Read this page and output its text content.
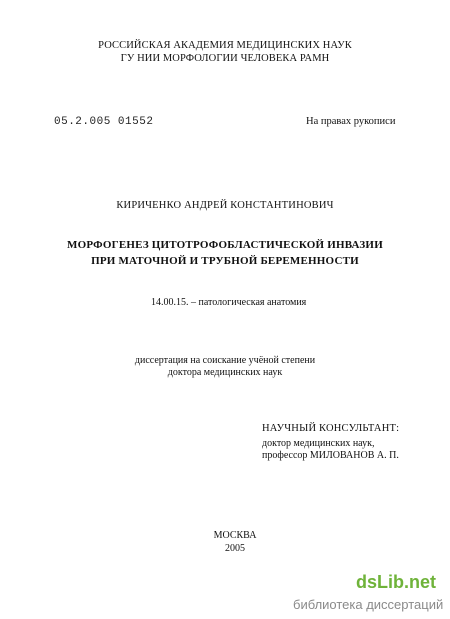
РОССИЙСКАЯ АКАДЕМИЯ МЕДИЦИНСКИХ НАУК
ГУ НИИ МОРФОЛОГИИ ЧЕЛОВЕКА РАМН
05.2.005 01552	На правах рукописи
КИРИЧЕНКО АНДРЕЙ КОНСТАНТИНОВИЧ
МОРФОГЕНЕЗ ЦИТОТРОФОБЛАСТИЧЕСКОЙ ИНВАЗИИ
ПРИ МАТОЧНОЙ И ТРУБНОЙ БЕРЕМЕННОСТИ
14.00.15. – патологическая анатомия
диссертация на соискание учёной степени
доктора медицинских наук
НАУЧНЫЙ КОНСУЛЬТАНТ:
доктор медицинских наук,
профессор МИЛОВАНОВ А. П.
МОСКВА
2005
dsLib.net
библиотека диссертаций
